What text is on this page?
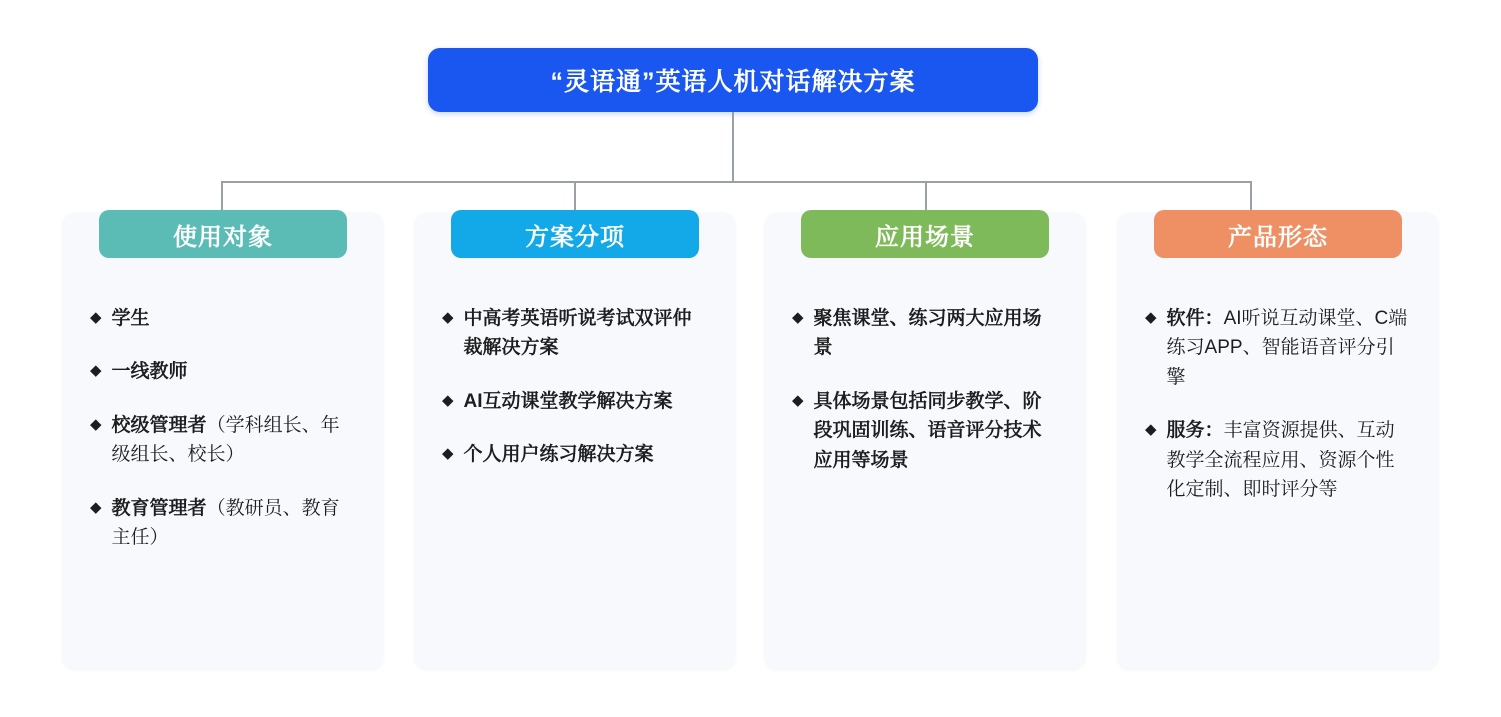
“灵语通”英语人机对话解决方案
使用对象
◆ 学生
◆ 一线教师
◆ 校级管理者（学科组长、年级组长、校长）
◆ 教育管理者（教研员、教育主任）
方案分项
◆ 中高考英语听说考试双评仲裁解决方案
◆ AI互动课堂教学解决方案
◆ 个人用户练习解决方案
应用场景
◆ 聚焦课堂、练习两大应用场景
◆ 具体场景包括同步教学、阶段巩固训练、语音评分技术应用等场景
产品形态
◆ 软件：AI听说互动课堂、C端练习APP、智能语音评分引擎
◆ 服务：丰富资源提供、互动教学全流程应用、资源个性化定制、即时评分等
